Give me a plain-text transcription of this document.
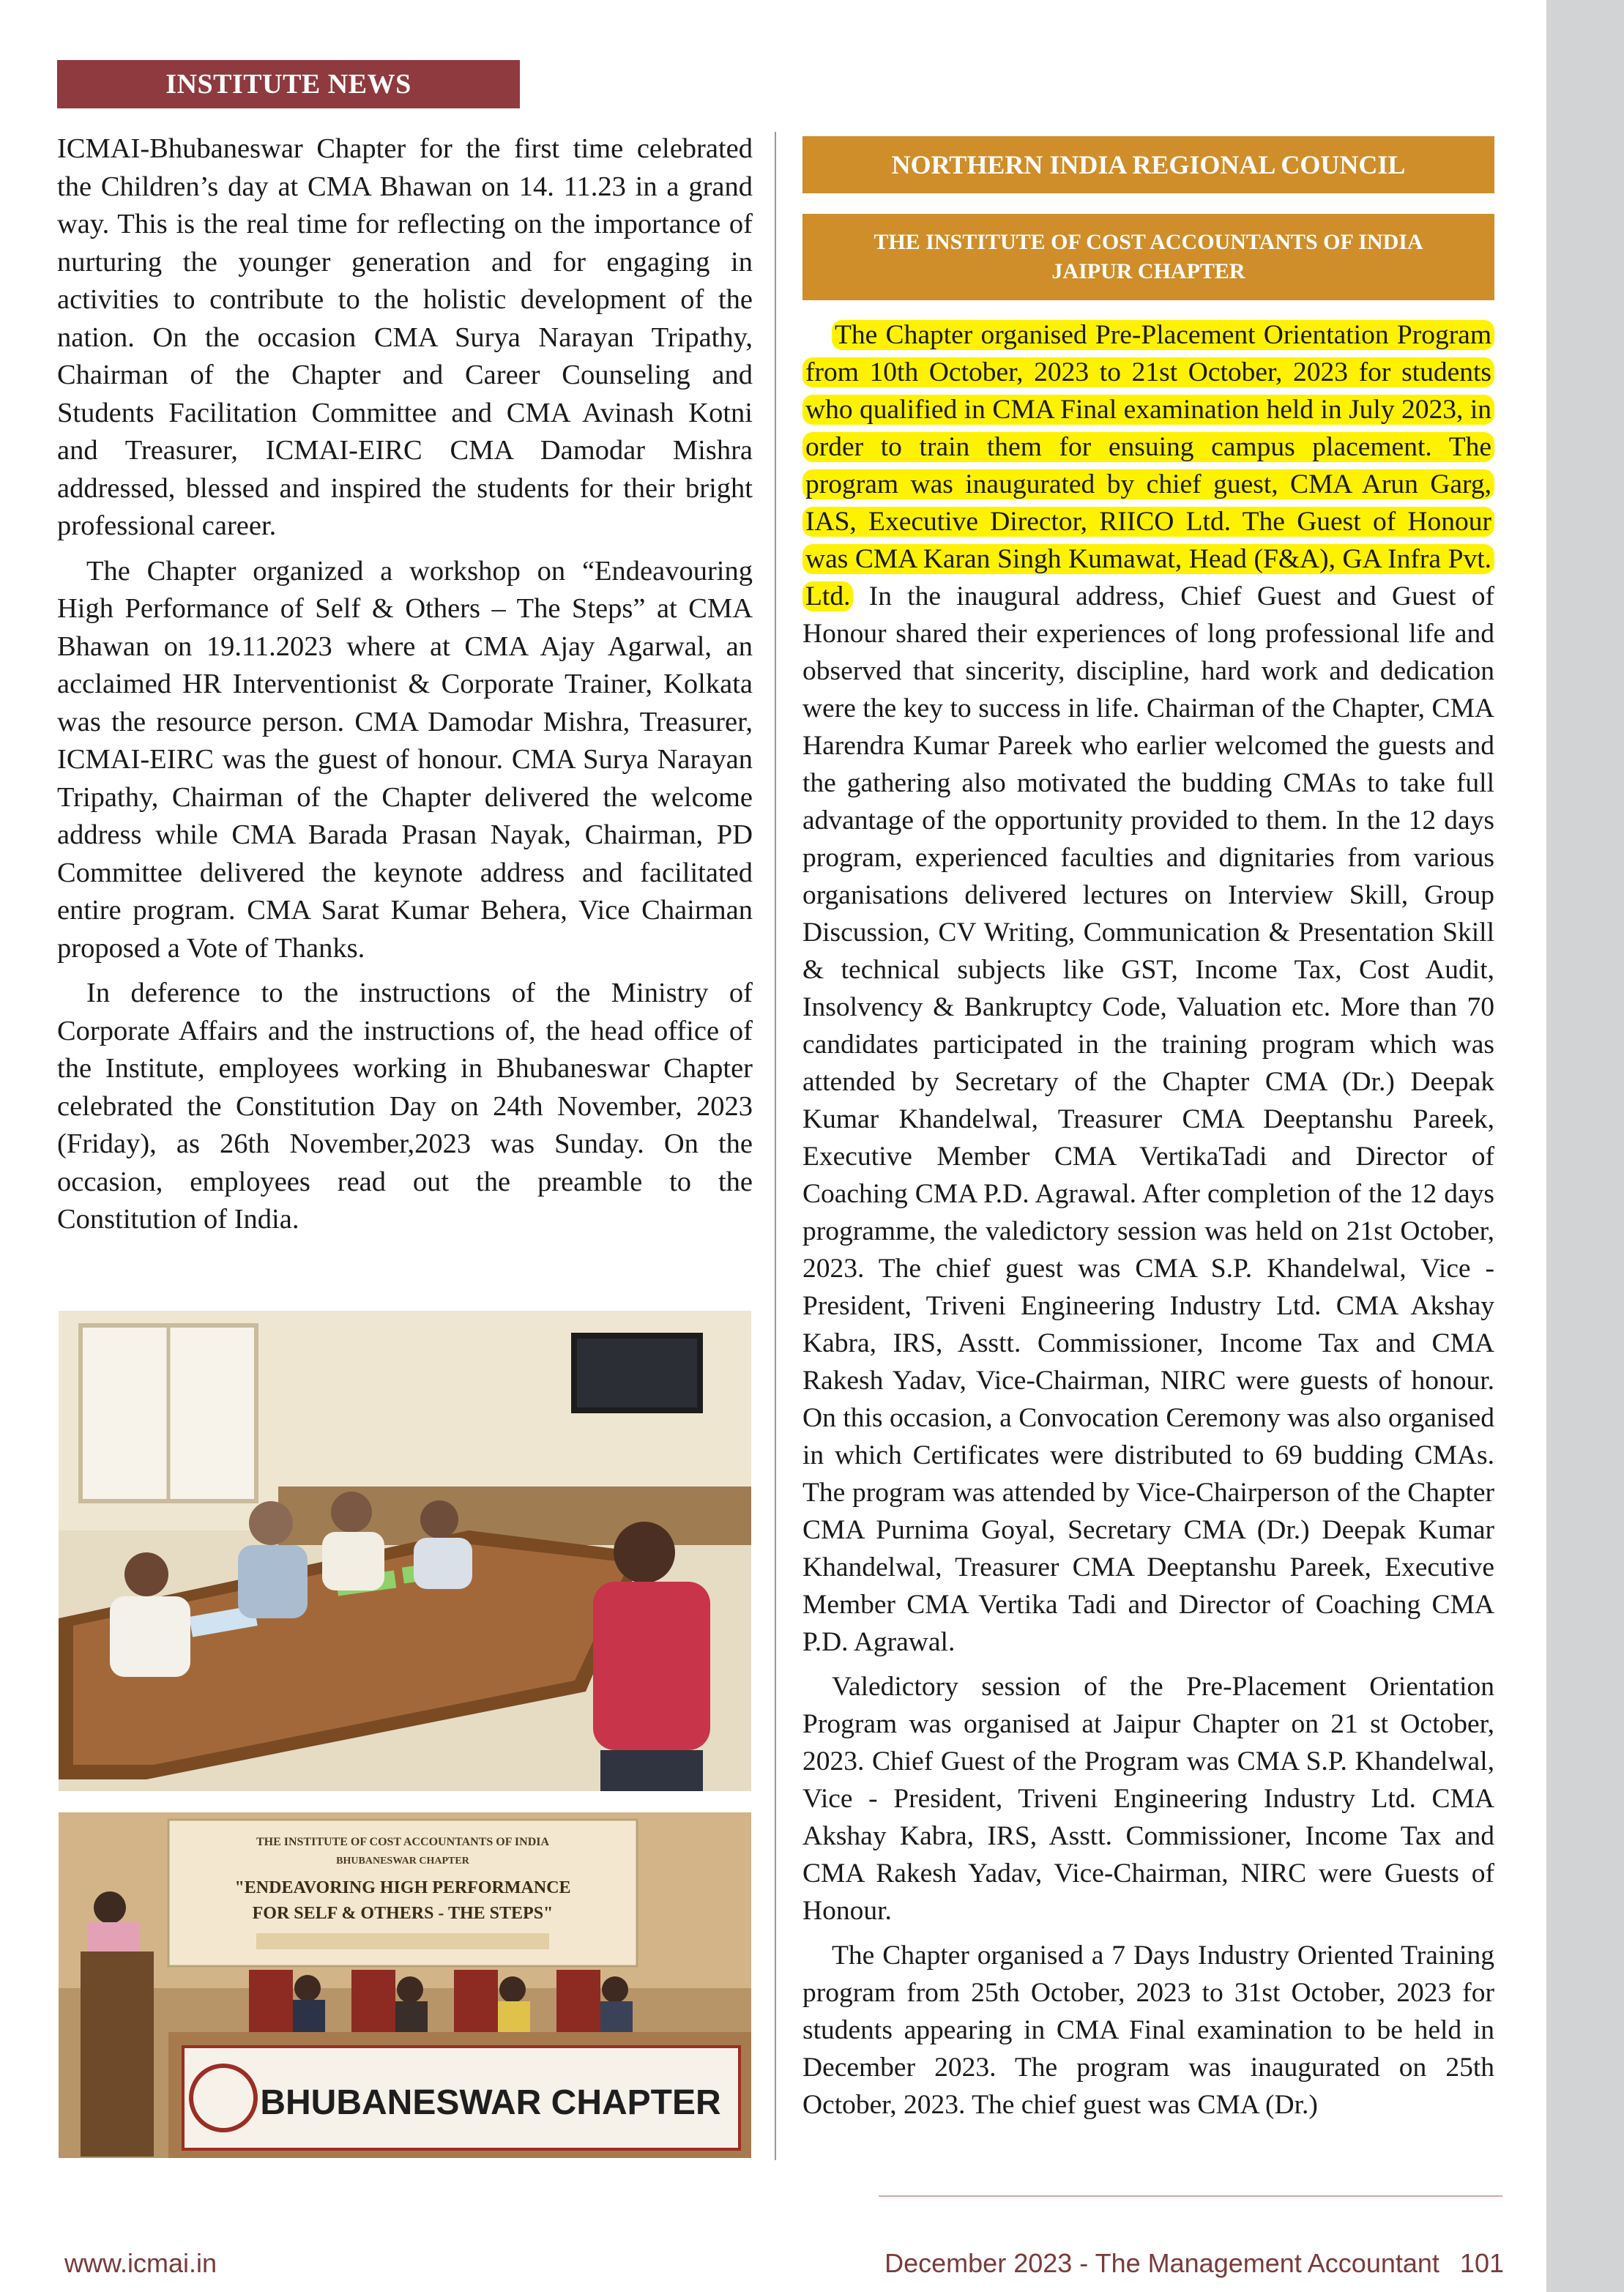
INSTITUTE NEWS

ICMAI-Bhubaneswar Chapter for the first time celebrated the Children’s day at CMA Bhawan on 14. 11.23 in a grand way. This is the real time for reflecting on the importance of nurturing the younger generation and for engaging in activities to contribute to the holistic development of the nation. On the occasion CMA Surya Narayan Tripathy, Chairman of the Chapter and Career Counseling and Students Facilitation Committee and CMA Avinash Kotni and Treasurer, ICMAI-EIRC CMA Damodar Mishra addressed, blessed and inspired the students for their bright professional career.

The Chapter organized a workshop on “Endeavouring High Performance of Self & Others – The Steps” at CMA Bhawan on 19.11.2023 where at CMA Ajay Agarwal, an acclaimed HR Interventionist & Corporate Trainer, Kolkata was the resource person. CMA Damodar Mishra, Treasurer, ICMAI-EIRC was the guest of honour. CMA Surya Narayan Tripathy, Chairman of the Chapter delivered the welcome address while CMA Barada Prasan Nayak, Chairman, PD Committee delivered the keynote address and facilitated entire program. CMA Sarat Kumar Behera, Vice Chairman proposed a Vote of Thanks.

In deference to the instructions of the Ministry of Corporate Affairs and the instructions of, the head office of the Institute, employees working in Bhubaneswar Chapter celebrated the Constitution Day on 24th November, 2023 (Friday), as 26th November,2023 was Sunday. On the occasion, employees read out the preamble to the Constitution of India.

THE INSTITUTE OF COST ACCOUNTANTS OF INDIA
BHUBANESWAR CHAPTER
"ENDEAVORING HIGH PERFORMANCE
FOR SELF & OTHERS - THE STEPS"
BHUBANESWAR CHAPTER
NORTHERN INDIA REGIONAL COUNCIL
THE INSTITUTE OF COST ACCOUNTANTS OF INDIA
JAIPUR CHAPTER

The Chapter organised Pre-Placement Orientation Program from 10th October, 2023 to 21st October, 2023 for students who qualified in CMA Final examination held in July 2023, in order to train them for ensuing campus placement. The program was inaugurated by chief guest, CMA Arun Garg, IAS, Executive Director, RIICO Ltd. The Guest of Honour was CMA Karan Singh Kumawat, Head (F&A), GA Infra Pvt. Ltd. In the inaugural address, Chief Guest and Guest of Honour shared their experiences of long professional life and observed that sincerity, discipline, hard work and dedication were the key to success in life. Chairman of the Chapter, CMA Harendra Kumar Pareek who earlier welcomed the guests and the gathering also motivated the budding CMAs to take full advantage of the opportunity provided to them. In the 12 days program, experienced faculties and dignitaries from various organisations delivered lectures on Interview Skill, Group Discussion, CV Writing, Communication & Presentation Skill & technical subjects like GST, Income Tax, Cost Audit, Insolvency & Bankruptcy Code, Valuation etc. More than 70 candidates participated in the training program which was attended by Secretary of the Chapter CMA (Dr.) Deepak Kumar Khandelwal, Treasurer CMA Deeptanshu Pareek, Executive Member CMA VertikaTadi and Director of Coaching CMA P.D. Agrawal. After completion of the 12 days programme, the valedictory session was held on 21st October, 2023. The chief guest was CMA S.P. Khandelwal, Vice - President, Triveni Engineering Industry Ltd. CMA Akshay Kabra, IRS, Asstt. Commissioner, Income Tax and CMA Rakesh Yadav, Vice-Chairman, NIRC were guests of honour. On this occasion, a Convocation Ceremony was also organised in which Certificates were distributed to 69 budding CMAs. The program was attended by Vice-Chairperson of the Chapter CMA Purnima Goyal, Secretary CMA (Dr.) Deepak Kumar Khandelwal, Treasurer CMA Deeptanshu Pareek, Executive Member CMA Vertika Tadi and Director of Coaching CMA P.D. Agrawal.

Valedictory session of the Pre-Placement Orientation Program was organised at Jaipur Chapter on 21 st October, 2023. Chief Guest of the Program was CMA S.P. Khandelwal, Vice - President, Triveni Engineering Industry Ltd. CMA Akshay Kabra, IRS, Asstt. Commissioner, Income Tax and CMA Rakesh Yadav, Vice-Chairman, NIRC were Guests of Honour.

The Chapter organised a 7 Days Industry Oriented Training program from 25th October, 2023 to 31st October, 2023 for students appearing in CMA Final examination to be held in December 2023. The program was inaugurated on 25th October, 2023. The chief guest was CMA (Dr.)

www.icmai.in	December 2023 - The Management Accountant 101
